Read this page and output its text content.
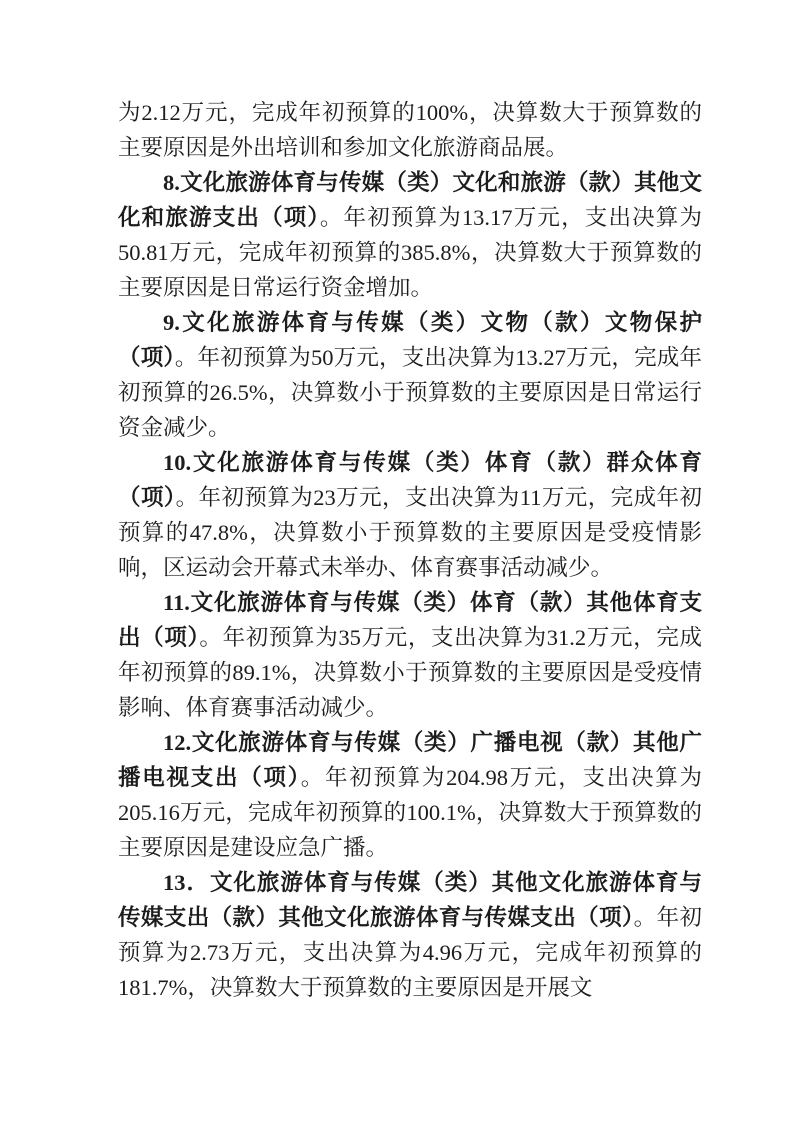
为2.12万元，完成年初预算的100%，决算数大于预算数的主要原因是外出培训和参加文化旅游商品展。

8.文化旅游体育与传媒（类）文化和旅游（款）其他文化和旅游支出（项）。年初预算为13.17万元，支出决算为50.81万元，完成年初预算的385.8%，决算数大于预算数的主要原因是日常运行资金增加。

9.文化旅游体育与传媒（类）文物（款）文物保护（项）。年初预算为50万元，支出决算为13.27万元，完成年初预算的26.5%，决算数小于预算数的主要原因是日常运行资金减少。

10.文化旅游体育与传媒（类）体育（款）群众体育（项）。年初预算为23万元，支出决算为11万元，完成年初预算的47.8%，决算数小于预算数的主要原因是受疫情影响，区运动会开幕式未举办、体育赛事活动减少。

11.文化旅游体育与传媒（类）体育（款）其他体育支出（项）。年初预算为35万元，支出决算为31.2万元，完成年初预算的89.1%，决算数小于预算数的主要原因是受疫情影响、体育赛事活动减少。

12.文化旅游体育与传媒（类）广播电视（款）其他广播电视支出（项）。年初预算为204.98万元，支出决算为205.16万元，完成年初预算的100.1%，决算数大于预算数的主要原因是建设应急广播。

13．文化旅游体育与传媒（类）其他文化旅游体育与传媒支出（款）其他文化旅游体育与传媒支出（项）。年初预算为2.73万元，支出决算为4.96万元，完成年初预算的181.7%，决算数大于预算数的主要原因是开展文
